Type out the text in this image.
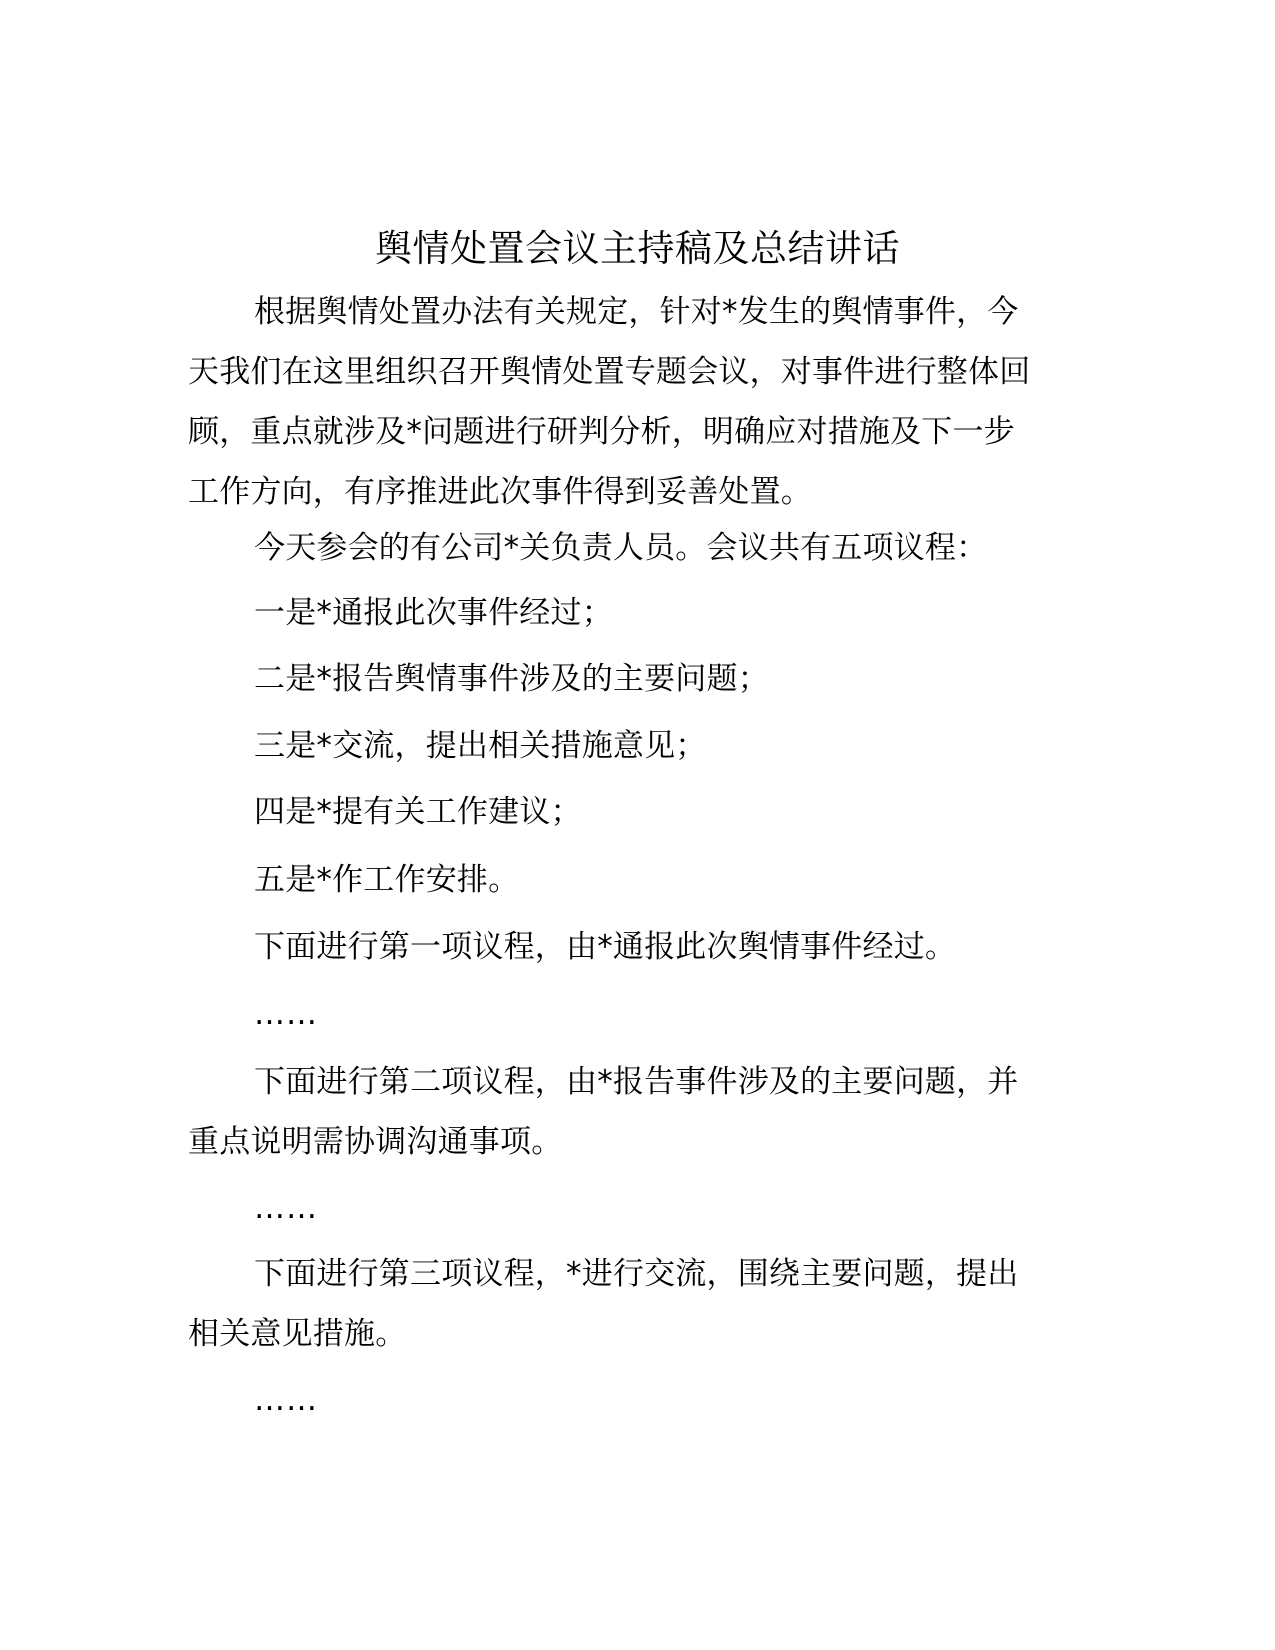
舆情处置会议主持稿及总结讲话

根据舆情处置办法有关规定，针对*发生的舆情事件，今
天我们在这里组织召开舆情处置专题会议，对事件进行整体回
顾，重点就涉及*问题进行研判分析，明确应对措施及下一步
工作方向，有序推进此次事件得到妥善处置。

今天参会的有公司*关负责人员。会议共有五项议程：

一是*通报此次事件经过；

二是*报告舆情事件涉及的主要问题；

三是*交流，提出相关措施意见；

四是*提有关工作建议；

五是*作工作安排。

下面进行第一项议程，由*通报此次舆情事件经过。

……

下面进行第二项议程，由*报告事件涉及的主要问题，并
重点说明需协调沟通事项。

……

下面进行第三项议程，*进行交流，围绕主要问题，提出
相关意见措施。

……
